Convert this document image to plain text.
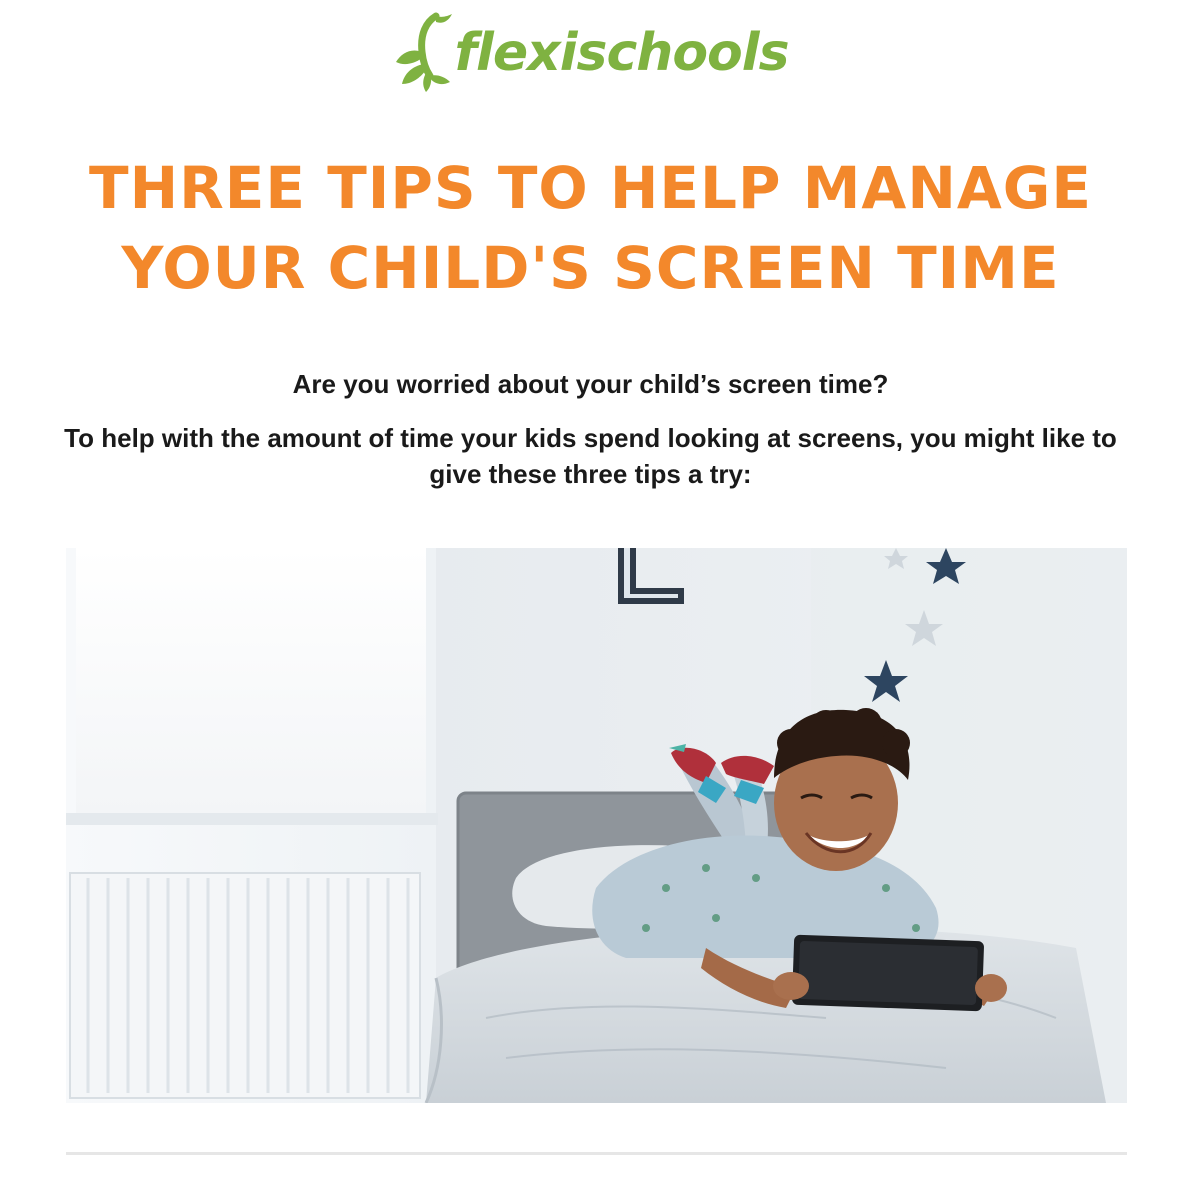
flexischools
THREE TIPS TO HELP MANAGE
YOUR CHILD'S SCREEN TIME

Are you worried about your child’s screen time?

To help with the amount of time your kids spend looking at screens, you might like to give these three tips a try:
